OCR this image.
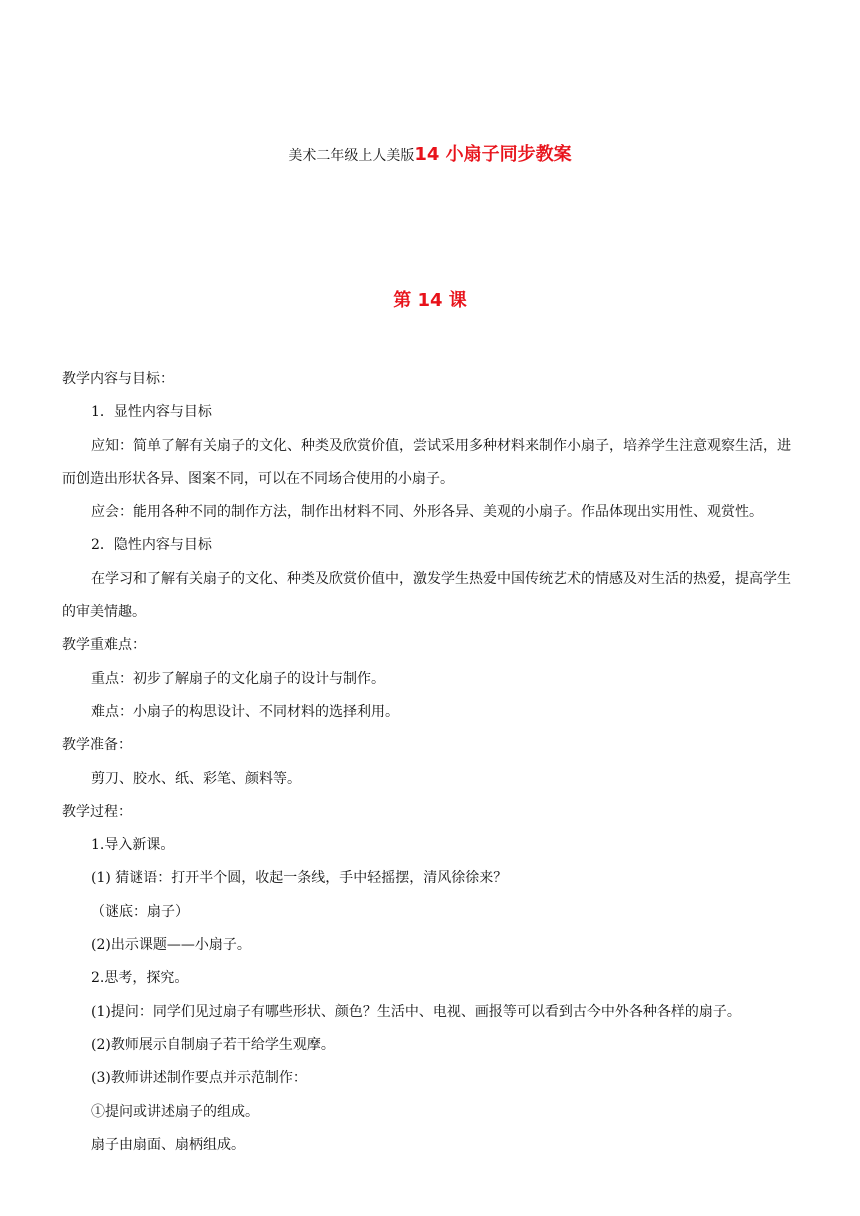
美术二年级上人美版14 小扇子同步教案
第 14 课

教学内容与目标：

1．显性内容与目标

应知：简单了解有关扇子的文化、种类及欣赏价值，尝试采用多种材料来制作小扇子，培养学生注意观察生活，进而创造出形状各异、图案不同，可以在不同场合使用的小扇子。

应会：能用各种不同的制作方法，制作出材料不同、外形各异、美观的小扇子。作品体现出实用性、观赏性。

2．隐性内容与目标

在学习和了解有关扇子的文化、种类及欣赏价值中，激发学生热爱中国传统艺术的情感及对生活的热爱，提高学生的审美情趣。

教学重难点：

重点：初步了解扇子的文化扇子的设计与制作。

难点：小扇子的构思设计、不同材料的选择利用。

教学准备：

剪刀、胶水、纸、彩笔、颜料等。

教学过程：

1.导入新课。

(1) 猜谜语：打开半个圆，收起一条线，手中轻摇摆，清风徐徐来？

（谜底：扇子）

(2)出示课题——小扇子。

2.思考，探究。

(1)提问：同学们见过扇子有哪些形状、颜色？生活中、电视、画报等可以看到古今中外各种各样的扇子。

(2)教师展示自制扇子若干给学生观摩。

(3)教师讲述制作要点并示范制作：

①提问或讲述扇子的组成。

扇子由扇面、扇柄组成。
